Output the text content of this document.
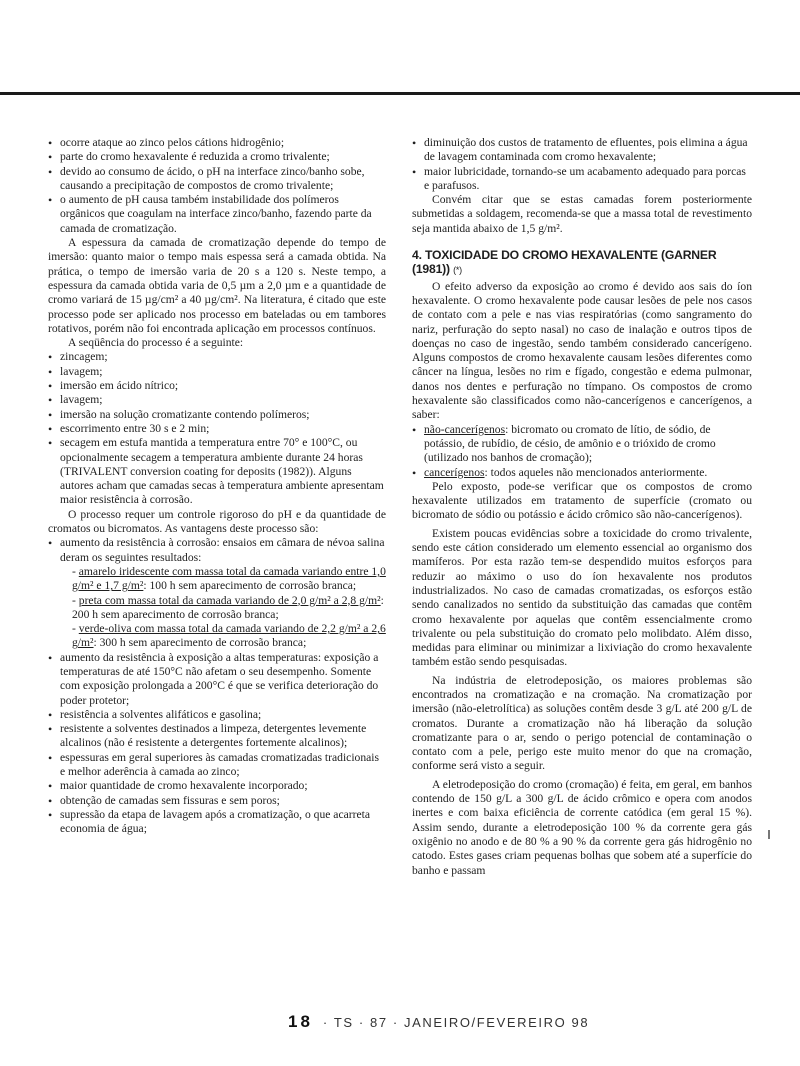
• ocorre ataque ao zinco pelos cátions hidrogênio;
• parte do cromo hexavalente é reduzida a cromo trivalente;
• devido ao consumo de ácido, o pH na interface zinco/banho sobe, causando a precipitação de compostos de cromo trivalente;
• o aumento de pH causa também instabilidade dos polímeros orgânicos que coagulam na interface zinco/banho, fazendo parte da camada de cromatização.

A espessura da camada de cromatização depende do tempo de imersão: quanto maior o tempo mais espessa será a camada obtida. Na prática, o tempo de imersão varia de 20 s a 120 s. Neste tempo, a espessura da camada obtida varia de 0,5 µm a 2,0 µm e a quantidade de cromo variará de 15 µg/cm² a 40 µg/cm². Na literatura, é citado que este processo pode ser aplicado nos processo em bateladas ou em tambores rotativos, porém não foi encontrada aplicação em processos contínuos.

A seqüência do processo é a seguinte:

• zincagem;
• lavagem;
• imersão em ácido nítrico;
• lavagem;
• imersão na solução cromatizante contendo polímeros;
• escorrimento entre 30 s e 2 min;
• secagem em estufa mantida a temperatura entre 70° e 100°C, ou opcionalmente secagem a temperatura ambiente durante 24 horas (TRIVALENT conversion coating for deposits (1982)). Alguns autores acham que camadas secas à temperatura ambiente apresentam maior resistência à corrosão.

O processo requer um controle rigoroso do pH e da quantidade de cromatos ou bicromatos. As vantagens deste processo são:

• aumento da resistência à corrosão: ensaios em câmara de névoa salina deram os seguintes resultados:
- amarelo iridescente com massa total da camada variando entre 1,0 g/m² e 1,7 g/m²: 100 h sem aparecimento de corrosão branca;
- preta com massa total da camada variando de 2,0 g/m² a 2,8 g/m²: 200 h sem aparecimento de corrosão branca;
- verde-oliva com massa total da camada variando de 2,2 g/m² a 2,6 g/m²: 300 h sem aparecimento de corrosão branca;
• aumento da resistência à exposição a altas temperaturas: exposição a temperaturas de até 150°C não afetam o seu desempenho. Somente com exposição prolongada a 200°C é que se verifica deterioração do poder protetor;
• resistência a solventes alifáticos e gasolina;
• resistente a solventes destinados a limpeza, detergentes levemente alcalinos (não é resistente a detergentes fortemente alcalinos);
• espessuras em geral superiores às camadas cromatizadas tradicionais e melhor aderência à camada ao zinco;
• maior quantidade de cromo hexavalente incorporado;
• obtenção de camadas sem fissuras e sem poros;
• supressão da etapa de lavagem após a cromatização, o que acarreta economia de água;
• diminuição dos custos de tratamento de efluentes, pois elimina a água de lavagem contaminada com cromo hexavalente;
• maior lubricidade, tornando-se um acabamento adequado para porcas e parafusos.

Convém citar que se estas camadas forem posteriormente submetidas a soldagem, recomenda-se que a massa total de revestimento seja mantida abaixo de 1,5 g/m².

4. TOXICIDADE DO CROMO HEXAVALENTE (GARNER (1981)) (*)

O efeito adverso da exposição ao cromo é devido aos sais do íon hexavalente. O cromo hexavalente pode causar lesões de pele nos casos de contato com a pele e nas vias respiratórias (como sangramento do nariz, perfuração do septo nasal) no caso de inalação e outros tipos de doenças no caso de ingestão, sendo também considerado cancerígeno. Alguns compostos de cromo hexavalente causam lesões diferentes como câncer na língua, lesões no rim e fígado, congestão e edema pulmonar, danos nos dentes e perfuração no tímpano. Os compostos de cromo hexavalente são classificados como não-cancerígenos e cancerígenos, a saber:

• não-cancerígenos: bicromato ou cromato de lítio, de sódio, de potássio, de rubídio, de césio, de amônio e o trióxido de cromo (utilizado nos banhos de cromação);
• cancerígenos: todos aqueles não mencionados anteriormente.

Pelo exposto, pode-se verificar que os compostos de cromo hexavalente utilizados em tratamento de superfície (cromato ou bicromato de sódio ou potássio e ácido crômico são não-cancerígenos).

Existem poucas evidências sobre a toxicidade do cromo trivalente, sendo este cátion considerado um elemento essencial ao organismo dos mamíferos. Por esta razão tem-se despendido muitos esforços para reduzir ao máximo o uso do íon hexavalente nos produtos industrializados. No caso de camadas cromatizadas, os esforços estão sendo canalizados no sentido da substituição das camadas que contêm cromo hexavalente por aquelas que contêm essencialmente cromo trivalente ou pela substituição do cromato pelo molibdato. Além disso, medidas para eliminar ou minimizar a lixiviação do cromo hexavalente também estão sendo pesquisadas.

Na indústria de eletrodeposição, os maiores problemas são encontrados na cromatização e na cromação. Na cromatização por imersão (não-eletrolítica) as soluções contêm desde 3 g/L até 200 g/L de cromatos. Durante a cromatização não há liberação da solução cromatizante para o ar, sendo o perigo potencial de contaminação o contato com a pele, perigo este muito menor do que na cromação, conforme será visto a seguir.

A eletrodeposição do cromo (cromação) é feita, em geral, em banhos contendo de 150 g/L a 300 g/L de ácido crômico e opera com anodos inertes e com baixa eficiência de corrente catódica (em geral 15 %). Assim sendo, durante a eletrodeposição 100 % da corrente gera gás oxigênio no anodo e de 80 % a 90 % da corrente gera gás hidrogênio no catodo. Estes gases criam pequenas bolhas que sobem até a superfície do banho e passam

18 · TS · 87 · JANEIRO/FEVEREIRO 98
